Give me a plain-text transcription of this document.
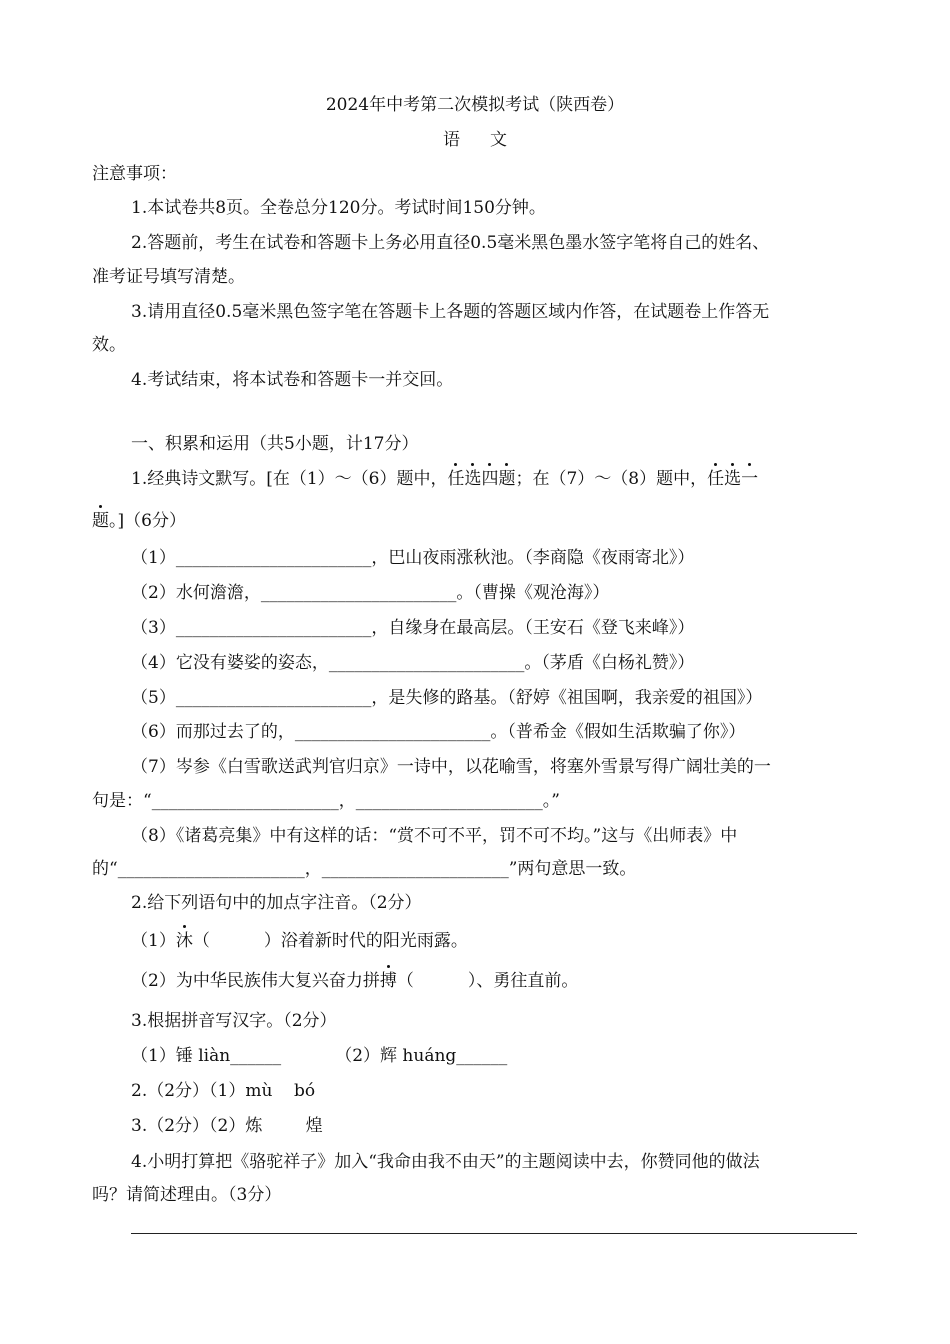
2024年中考第二次模拟考试（陕西卷）
语文
注意事项：
1.本试卷共8页。全卷总分120分。考试时间150分钟。
2.答题前，考生在试卷和答题卡上务必用直径0.5毫米黑色墨水签字笔将自己的姓名、
准考证号填写清楚。
3.请用直径0.5毫米黑色签字笔在答题卡上各题的答题区域内作答，在试题卷上作答无
效。
4.考试结束，将本试卷和答题卡一并交回。
一、积累和运用（共5小题，计17分）
1.经典诗文默写。[在（1）～（6）题中，任选四题；在（7）～（8）题中，任选一
题。]（6分）
（1）_______________________，巴山夜雨涨秋池。（李商隐《夜雨寄北》）
（2）水何澹澹，_______________________。（曹操《观沧海》）
（3）_______________________，自缘身在最高层。（王安石《登飞来峰》）
（4）它没有婆娑的姿态，_______________________。（茅盾《白杨礼赞》）
（5）_______________________，是失修的路基。（舒婷《祖国啊，我亲爱的祖国》）
（6）而那过去了的，_______________________。（普希金《假如生活欺骗了你》）
（7）岑参《白雪歌送武判官归京》一诗中，以花喻雪，将塞外雪景写得广阔壮美的一
句是：“______________________，______________________。”
（8）《诸葛亮集》中有这样的话：“赏不可不平，罚不可不均。”这与《出师表》中
的“______________________，______________________”两句意思一致。
2.给下列语句中的加点字注音。（2分）
（1）沐（          ）浴着新时代的阳光雨露。
（2）为中华民族伟大复兴奋力拼搏（          ）、勇往直前。
3.根据拼音写汉字。（2分）
（1）锤 liàn______          （2）辉 huáng______
2.（2分）（1）mù    bó
3.（2分）（2）炼        煌
4.小明打算把《骆驼祥子》加入“我命由我不由天”的主题阅读中去，你赞同他的做法
吗？请简述理由。（3分）
